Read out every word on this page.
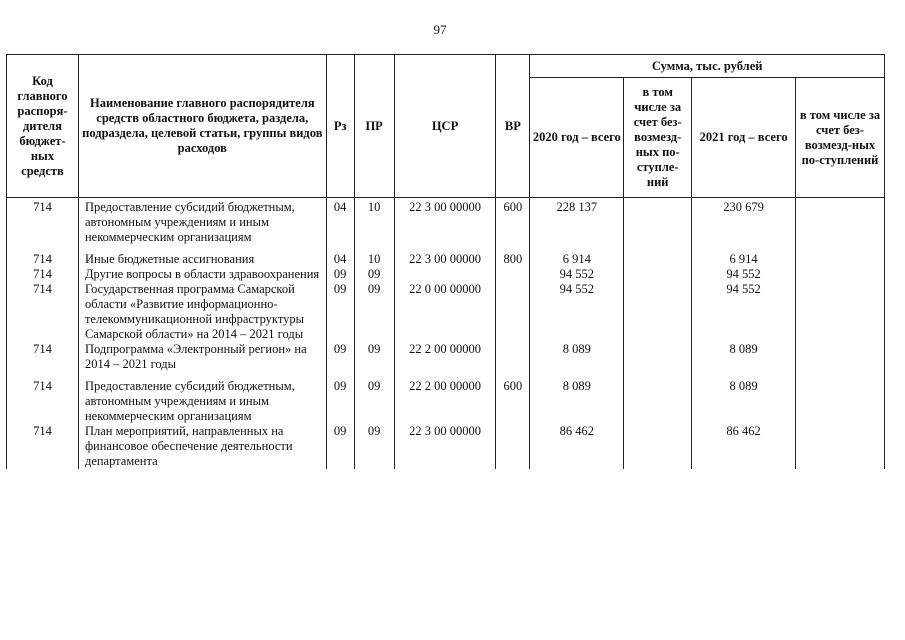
97
Код главного распоря-дителя бюджет-ных средств	Наименование главного распорядителя средств областного бюджета, раздела, подраздела, целевой статьи, группы видов расходов	Рз	ПР	ЦСР	ВР	Сумма, тыс. рублей			
						2020 год – всего	в том числе за счет без-возмезд-ных по-ступле-ний	2021 год – всего	в том числе за счет без-возмезд-ных по-ступлений
714	Предоставление субсидий бюджетным, автономным учреждениям и иным некоммерческим организациям	04	10	22 3 00 00000	600	228 137		230 679	
714	Иные бюджетные ассигнования	04	10	22 3 00 00000	800	6 914		6 914	
714	Другие вопросы в области здравоохранения	09	09			94 552		94 552	
714	Государственная программа Самарской области «Развитие информационно-телекоммуникационной инфраструктуры Самарской области» на 2014 – 2021 годы	09	09	22 0 00 00000		94 552		94 552	
714	Подпрограмма «Электронный регион» на 2014 – 2021 годы	09	09	22 2 00 00000		8 089		8 089	
714	Предоставление субсидий бюджетным, автономным учреждениям и иным некоммерческим организациям	09	09	22 2 00 00000	600	8 089		8 089	
714	План мероприятий, направленных на финансовое обеспечение деятельности департамента	09	09	22 3 00 00000		86 462		86 462	
